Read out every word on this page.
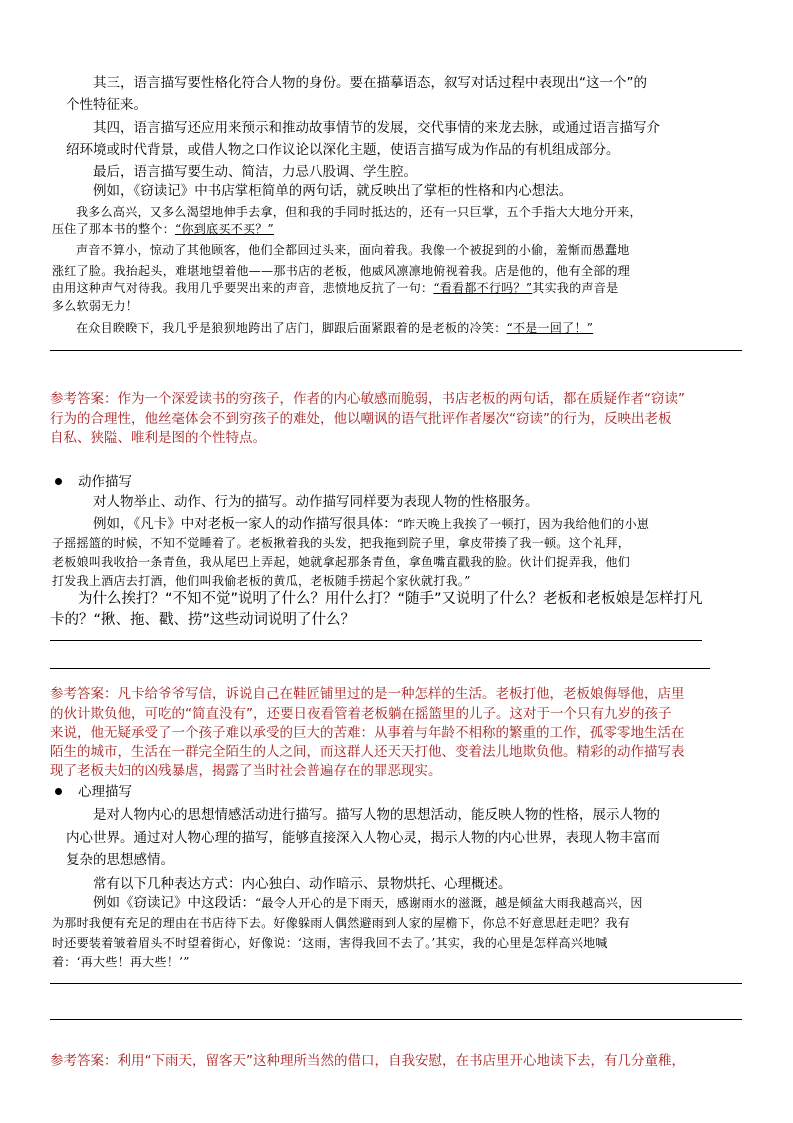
其三，语言描写要性格化符合人物的身份。要在描摹语态，叙写对话过程中表现出“这一个”的

个性特征来。

其四，语言描写还应用来预示和推动故事情节的发展，交代事情的来龙去脉，或通过语言描写介

绍环境或时代背景，或借人物之口作议论以深化主题，使语言描写成为作品的有机组成部分。

最后，语言描写要生动、简洁，力忌八股调、学生腔。

例如，《窃读记》中书店掌柜简单的两句话，就反映出了掌柜的性格和内心想法。

我多么高兴，又多么渴望地伸手去拿，但和我的手同时抵达的，还有一只巨掌，五个手指大大地分开来，

压住了那本书的整个：“你到底买不买？”

声音不算小，惊动了其他顾客，他们全都回过头来，面向着我。我像一个被捉到的小偷，羞惭而愚蠢地

涨红了脸。我抬起头，难堪地望着他——那书店的老板，他威风凛凛地俯视着我。店是他的，他有全部的理

由用这种声气对待我。我用几乎要哭出来的声音，悲愤地反抗了一句：“看看都不行吗？”其实我的声音是

多么软弱无力！

在众目睽睽下，我几乎是狼狈地跨出了店门，脚跟后面紧跟着的是老板的冷笑：“不是一回了！”

参考答案：作为一个深爱读书的穷孩子，作者的内心敏感而脆弱，书店老板的两句话，都在质疑作者“窃读”

行为的合理性，他丝毫体会不到穷孩子的难处，他以嘲讽的语气批评作者屡次“窃读”的行为，反映出老板

自私、狭隘、唯利是图的个性特点。

动作描写

对人物举止、动作、行为的描写。动作描写同样要为表现人物的性格服务。

例如，《凡卡》中对老板一家人的动作描写很具体：“昨天晚上我挨了一顿打，因为我给他们的小崽

子摇摇篮的时候，不知不觉睡着了。老板揪着我的头发，把我拖到院子里，拿皮带揍了我一顿。这个礼拜，

老板娘叫我收拾一条青鱼，我从尾巴上弄起，她就拿起那条青鱼，拿鱼嘴直戳我的脸。伙计们捉弄我，他们

打发我上酒店去打酒，他们叫我偷老板的黄瓜，老板随手捞起个家伙就打我。”

为什么挨打？“不知不觉”说明了什么？用什么打？“随手”又说明了什么？老板和老板娘是怎样打凡

卡的？“揪、拖、戳、捞”这些动词说明了什么？

参考答案：凡卡给爷爷写信，诉说自己在鞋匠铺里过的是一种怎样的生活。老板打他，老板娘侮辱他，店里

的伙计欺负他，可吃的“简直没有”，还要日夜看管着老板躺在摇篮里的儿子。这对于一个只有九岁的孩子

来说，他无疑承受了一个孩子难以承受的巨大的苦难：从事着与年龄不相称的繁重的工作，孤零零地生活在

陌生的城市，生活在一群完全陌生的人之间，而这群人还天天打他、变着法儿地欺负他。精彩的动作描写表

现了老板夫妇的凶残暴虐，揭露了当时社会普遍存在的罪恶现实。

心理描写

是对人物内心的思想情感活动进行描写。描写人物的思想活动，能反映人物的性格，展示人物的

内心世界。通过对人物心理的描写，能够直接深入人物心灵，揭示人物的内心世界，表现人物丰富而

复杂的思想感情。

常有以下几种表达方式：内心独白、动作暗示、景物烘托、心理概述。

例如《窃读记》中这段话：“最令人开心的是下雨天，感谢雨水的滋溉，越是倾盆大雨我越高兴，因

为那时我便有充足的理由在书店待下去。好像躲雨人偶然避雨到人家的屋檐下，你总不好意思赶走吧？我有

时还要装着皱着眉头不时望着街心，好像说：‘这雨，害得我回不去了。’其实，我的心里是怎样高兴地喊

着：‘再大些！再大些！’”

参考答案：利用“下雨天，留客天”这种理所当然的借口，自我安慰，在书店里开心地读下去，有几分童稚，
